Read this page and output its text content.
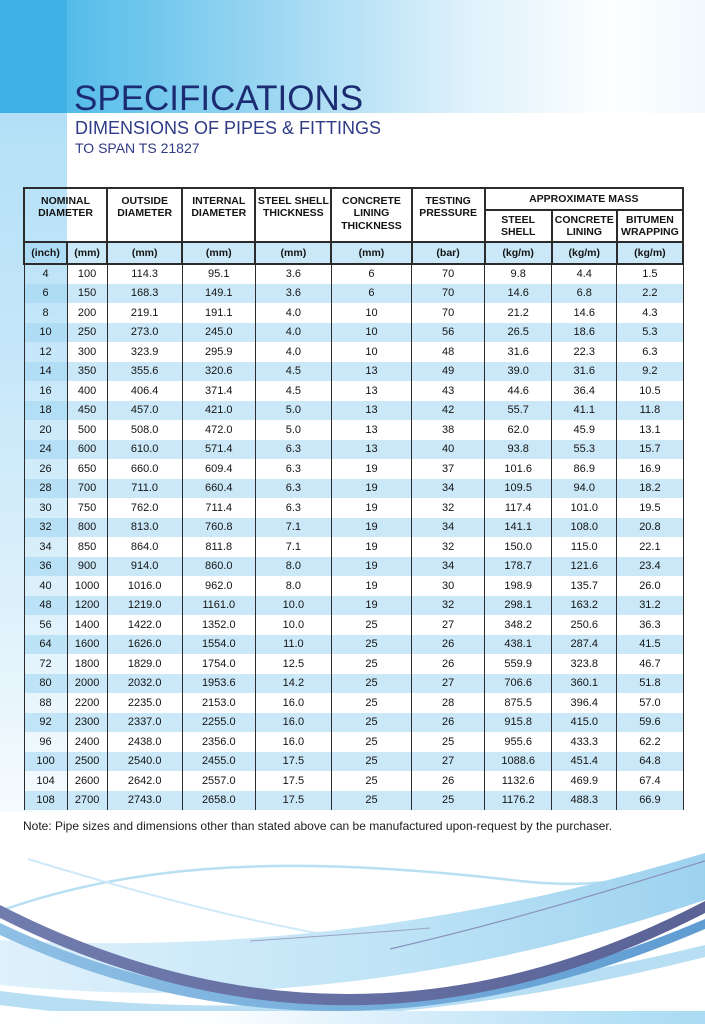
SPECIFICATIONS
DIMENSIONS OF PIPES & FITTINGS
TO SPAN TS 21827
NOMINAL DIAMETER		OUTSIDE DIAMETER	INTERNAL DIAMETER	STEEL SHELL THICKNESS	CONCRETE LINING THICKNESS	TESTING PRESSURE	APPROXIMATE MASS		
							STEEL SHELL	CONCRETE LINING	BITUMEN WRAPPING
(inch)	(mm)	(mm)	(mm)	(mm)	(mm)	(bar)	(kg/m)	(kg/m)	(kg/m)
4	100	114.3	95.1	3.6	6	70	9.8	4.4	1.5
6	150	168.3	149.1	3.6	6	70	14.6	6.8	2.2
8	200	219.1	191.1	4.0	10	70	21.2	14.6	4.3
10	250	273.0	245.0	4.0	10	56	26.5	18.6	5.3
12	300	323.9	295.9	4.0	10	48	31.6	22.3	6.3
14	350	355.6	320.6	4.5	13	49	39.0	31.6	9.2
16	400	406.4	371.4	4.5	13	43	44.6	36.4	10.5
18	450	457.0	421.0	5.0	13	42	55.7	41.1	11.8
20	500	508.0	472.0	5.0	13	38	62.0	45.9	13.1
24	600	610.0	571.4	6.3	13	40	93.8	55.3	15.7
26	650	660.0	609.4	6.3	19	37	101.6	86.9	16.9
28	700	711.0	660.4	6.3	19	34	109.5	94.0	18.2
30	750	762.0	711.4	6.3	19	32	117.4	101.0	19.5
32	800	813.0	760.8	7.1	19	34	141.1	108.0	20.8
34	850	864.0	811.8	7.1	19	32	150.0	115.0	22.1
36	900	914.0	860.0	8.0	19	34	178.7	121.6	23.4
40	1000	1016.0	962.0	8.0	19	30	198.9	135.7	26.0
48	1200	1219.0	1161.0	10.0	19	32	298.1	163.2	31.2
56	1400	1422.0	1352.0	10.0	25	27	348.2	250.6	36.3
64	1600	1626.0	1554.0	11.0	25	26	438.1	287.4	41.5
72	1800	1829.0	1754.0	12.5	25	26	559.9	323.8	46.7
80	2000	2032.0	1953.6	14.2	25	27	706.6	360.1	51.8
88	2200	2235.0	2153.0	16.0	25	28	875.5	396.4	57.0
92	2300	2337.0	2255.0	16.0	25	26	915.8	415.0	59.6
96	2400	2438.0	2356.0	16.0	25	25	955.6	433.3	62.2
100	2500	2540.0	2455.0	17.5	25	27	1088.6	451.4	64.8
104	2600	2642.0	2557.0	17.5	25	26	1132.6	469.9	67.4
108	2700	2743.0	2658.0	17.5	25	25	1176.2	488.3	66.9
Note: Pipe sizes and dimensions other than stated above can be manufactured upon-request by the purchaser.
